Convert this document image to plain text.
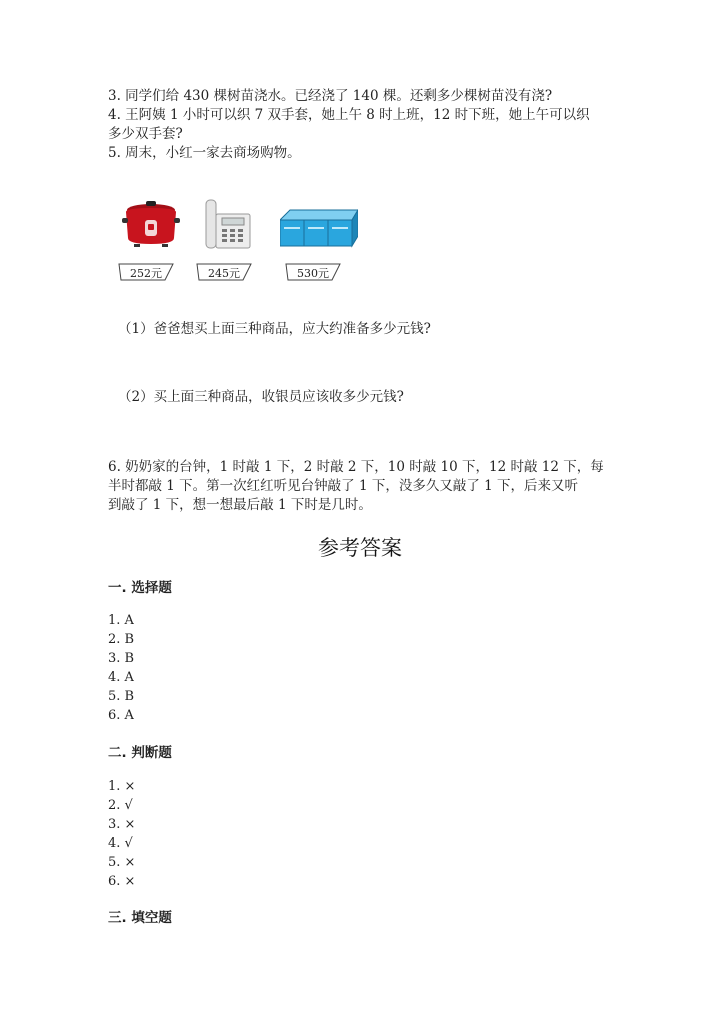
3. 同学们给 430 棵树苗浇水。已经浇了 140 棵。还剩多少棵树苗没有浇?
4. 王阿姨 1 小时可以织 7 双手套，她上午 8 时上班，12 时下班，她上午可以织
多少双手套?
5. 周末，小红一家去商场购物。
252元	245元	530元
（1）爸爸想买上面三种商品，应大约准备多少元钱?
（2）买上面三种商品，收银员应该收多少元钱?
6. 奶奶家的台钟，1 时敲 1 下，2 时敲 2 下，10 时敲 10 下，12 时敲 12 下，每
半时都敲 1 下。第一次红红听见台钟敲了 1 下，没多久又敲了 1 下，后来又听
到敲了 1 下，想一想最后敲 1 下时是几时。
参考答案
一. 选择题
1. A
2. B
3. B
4. A
5. B
6. A
二. 判断题
1. ×
2. √
3. ×
4. √
5. ×
6. ×
三. 填空题
